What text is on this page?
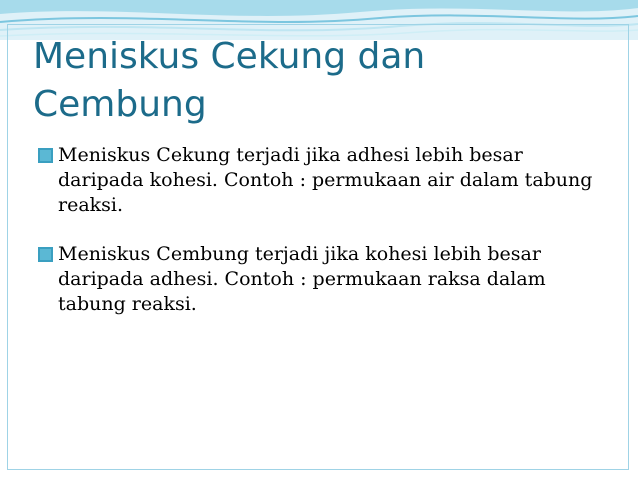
Meniskus Cekung dan Cembung
Meniskus Cekung terjadi jika adhesi lebih besar daripada kohesi. Contoh : permukaan air dalam tabung reaksi.
Meniskus Cembung terjadi jika kohesi lebih besar daripada adhesi. Contoh : permukaan raksa dalam tabung reaksi.
